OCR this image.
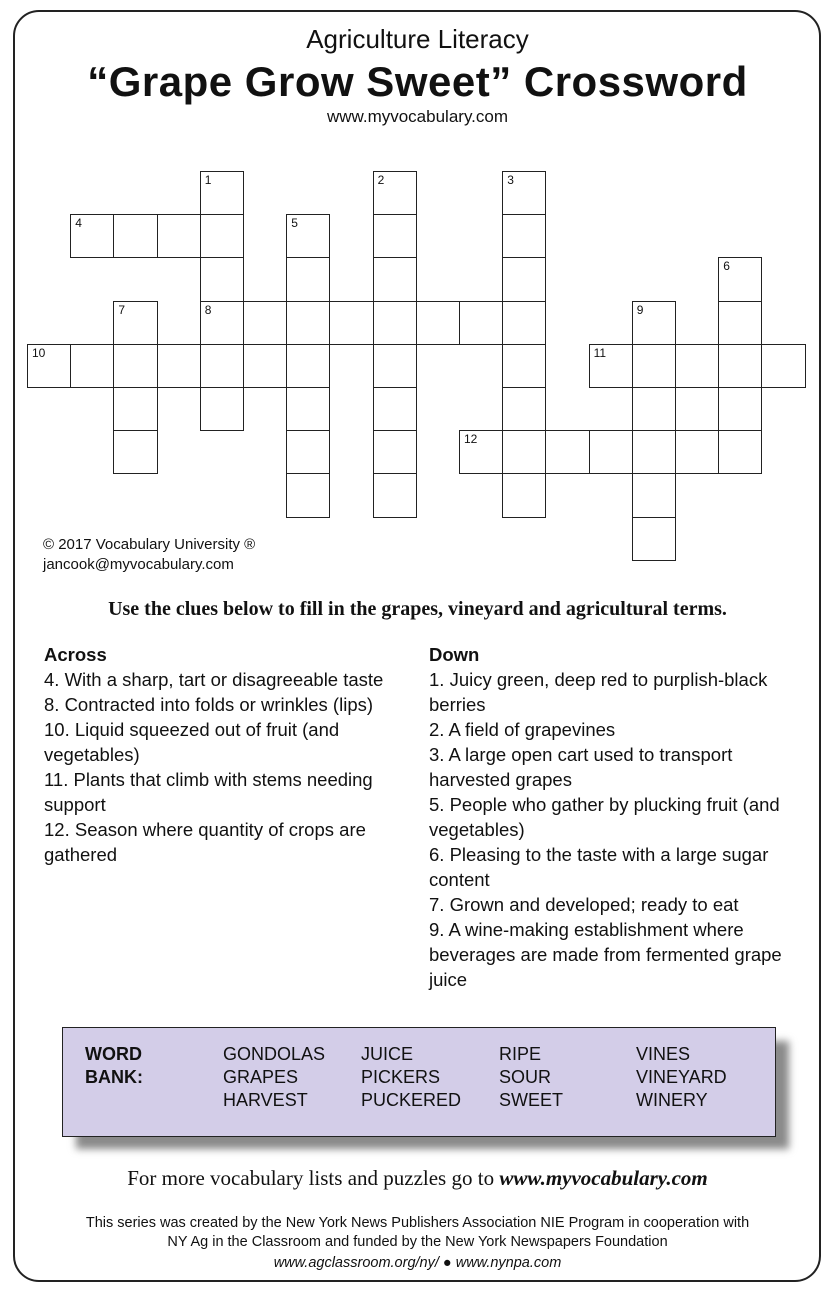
Agriculture Literacy
“Grape Grow Sweet” Crossword
www.myvocabulary.com
4
8
10	11
12
1	2	3
5
6
7	9
© 2017 Vocabulary University ®
jancook@myvocabulary.com
Use the clues below to fill in the grapes, vineyard and agricultural terms.
Across
4. With a sharp, tart or disagreeable taste
8. Contracted into folds or wrinkles (lips)
10. Liquid squeezed out of fruit (and vegetables)
11. Plants that climb with stems needing support
12. Season where quantity of crops are gathered
Down
1. Juicy green, deep red to purplish-black berries
2. A field of grapevines
3. A large open cart used to transport harvested grapes
5. People who gather by plucking fruit (and vegetables)
6. Pleasing to the taste with a large sugar content
7. Grown and developed; ready to eat
9. A wine-making establishment where beverages are made from fermented grape juice
WORD
BANK:
GONDOLAS
GRAPES
HARVEST
JUICE
PICKERS
PUCKERED
RIPE
SOUR
SWEET
VINES
VINEYARD
WINERY
For more vocabulary lists and puzzles go to www.myvocabulary.com
This series was created by the New York News Publishers Association NIE Program in cooperation with
NY Ag in the Classroom and funded by the New York Newspapers Foundation
www.agclassroom.org/ny/ ● www.nynpa.com
